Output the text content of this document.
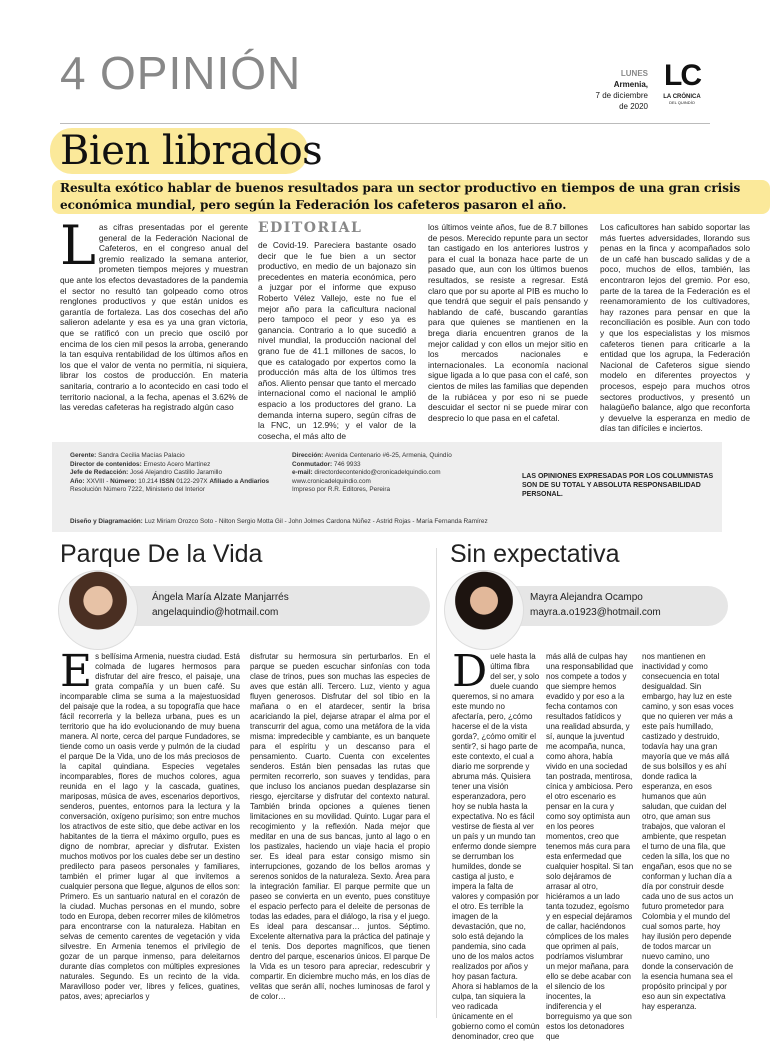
4 OPINIÓN	LUNES
Armenia,
7 de diciembre
de 2020
LC
LA CRÓNICA
DEL QUINDÍO
Bien librados
Resulta exótico hablar de buenos resultados para un sector productivo en tiempos de una gran crisis económica mundial, pero según la Federación los cafeteros pasaron el año.
Las cifras presentadas por el gerente general de la Federación Nacional de Cafeteros, en el congreso anual del gremio realizado la semana anterior, prometen tiempos mejores y muestran que ante los efectos devastadores de la pandemia el sector no resultó tan golpeado como otros renglones productivos y que están unidos es garantía de fortaleza. Las dos cosechas del año salieron adelante y esa es ya una gran victoria, que se ratificó con un precio que osciló por encima de los cien mil pesos la arroba, generando la tan esquiva rentabilidad de los últimos años en los que el valor de venta no permitía, ni siquiera, librar los costos de producción. En materia sanitaria, contrario a lo acontecido en casi todo el territorio nacional, a la fecha, apenas el 3.62% de las veredas cafeteras ha registrado algún caso
EDITORIAL
de Covid-19. Pareciera bastante osado decir que le fue bien a un sector productivo, en medio de un bajonazo sin precedentes en materia económica, pero a juzgar por el informe que expuso Roberto Vélez Vallejo, este no fue el mejor año para la caficultura nacional pero tampoco el peor y eso ya es ganancia. Contrario a lo que sucedió a nivel mundial, la producción nacional del grano fue de 41.1 millones de sacos, lo que es catalogado por expertos como la producción más alta de los últimos tres años. Aliento pensar que tanto el mercado internacional como el nacional le amplió espacio a los productores del grano. La demanda interna supero, según cifras de la FNC, un 12.9%; y el valor de la cosecha, el más alto de
los últimos veinte años, fue de 8.7 billones de pesos. Merecido repunte para un sector tan castigado en los anteriores lustros y para el cual la bonaza hace parte de un pasado que, aun con los últimos buenos resultados, se resiste a regresar. Está claro que por su aporte al PIB es mucho lo que tendrá que seguir el país pensando y hablando de café, buscando garantías para que quienes se mantienen en la brega diaria encuentren granos de la mejor calidad y con ellos un mejor sitio en los mercados nacionales e internacionales. La economía nacional sigue ligada a lo que pasa con el café, son cientos de miles las familias que dependen de la rubiácea y por eso ni se puede descuidar el sector ni se puede mirar con desprecio lo que pasa en el cafetal.
Los caficultores han sabido soportar las más fuertes adversidades, llorando sus penas en la finca y acompañados solo de un café han buscado salidas y de a poco, muchos de ellos, también, las encontraron lejos del gremio. Por eso, parte de la tarea de la Federación es el reenamoramiento de los cultivadores, hay razones para pensar en que la reconciliación es posible. Aun con todo y que los especialistas y los mismos cafeteros tienen para criticarle a la entidad que los agrupa, la Federación Nacional de Cafeteros sigue siendo modelo en diferentes proyectos y procesos, espejo para muchos otros sectores productivos, y presentó un halagüeño balance, algo que reconforta y devuelve la esperanza en medio de días tan difíciles e inciertos.
Gerente: Sandra Cecilia Macías Palacio
Director de contenidos: Ernesto Acero Martínez
Jefe de Redacción: José Alejandro Castillo Jaramillo
Año: XXVIII - Número: 10.214 ISSN 0122-297X Afiliado a Andiarios
Resolución Número 7222, Ministerio del Interior
Dirección: Avenida Centenario #6-25, Armenia, Quindío
Conmutador: 746 9933
e-mail: directordecontenido@cronicadelquindio.com
www.cronicadelquindio.com
Impreso por R.R. Editores, Pereira
LAS OPINIONES EXPRESADAS POR LOS COLUMNISTAS SON DE SU TOTAL Y ABSOLUTA RESPONSABILIDAD PERSONAL.
Diseño y Diagramación: Luz Miriam Orozco Soto - Nilton Sergio Motta Gil - John Jolmes Cardona Núñez - Astrid Rojas - María Fernanda Ramírez
Parque De la Vida
Ángela María Alzate Manjarrés
angelaquindio@hotmail.com
Es bellísima Armenia, nuestra ciudad. Está colmada de lugares hermosos para disfrutar del aire fresco, el paisaje, una grata compañía y un buen café. Su incomparable clima se suma a la majestuosidad del paisaje que la rodea, a su topografía que hace fácil recorrerla y la belleza urbana, pues es un territorio que ha ido evolucionando de muy buena manera. Al norte, cerca del parque Fundadores, se tiende como un oasis verde y pulmón de la ciudad el parque De la Vida, uno de los más preciosos de la capital quindiana. Especies vegetales incomparables, flores de muchos colores, agua reunida en el lago y la cascada, guatines, mariposas, música de aves, escenarios deportivos, senderos, puentes, entornos para la lectura y la conversación, oxígeno purísimo; son entre muchos los atractivos de este sitio, que debe activar en los habitantes de la tierra el máximo orgullo, pues es digno de nombrar, apreciar y disfrutar. Existen muchos motivos por los cuales debe ser un destino predilecto para paseos personales y familiares, también el primer lugar al que invitemos a cualquier persona que llegue, algunos de ellos son: Primero. Es un santuario natural en el corazón de la ciudad. Muchas personas en el mundo, sobre todo en Europa, deben recorrer miles de kilómetros para encontrarse con la naturaleza. Habitan en selvas de cemento carentes de vegetación y vida silvestre. En Armenia tenemos el privilegio de gozar de un parque inmenso, para deleitarnos durante días completos con múltiples expresiones naturales. Segundo. Es un recinto de la vida. Maravilloso poder ver, libres y felices, guatines, patos, aves; apreciarlos y
disfrutar su hermosura sin perturbarlos. En el parque se pueden escuchar sinfonías con toda clase de trinos, pues son muchas las especies de aves que están allí. Tercero. Luz, viento y agua fluyen generosos. Disfrutar del sol tibio en la mañana o en el atardecer, sentir la brisa acariciando la piel, dejarse atrapar el alma por el transcurrir del agua, como una metáfora de la vida misma: impredecible y cambiante, es un banquete para el espíritu y un descanso para el pensamiento. Cuarto. Cuenta con excelentes senderos. Están bien pensadas las rutas que permiten recorrerlo, son suaves y tendidas, para que incluso los ancianos puedan desplazarse sin riesgo, ejercitarse y disfrutar del contexto natural. También brinda opciones a quienes tienen limitaciones en su movilidad. Quinto. Lugar para el recogimiento y la reflexión. Nada mejor que meditar en una de sus bancas, junto al lago o en los pastizales, haciendo un viaje hacia el propio ser. Es ideal para estar consigo mismo sin interrupciones, gozando de los bellos aromas y serenos sonidos de la naturaleza. Sexto. Área para la integración familiar. El parque permite que un paseo se convierta en un evento, pues constituye el espacio perfecto para el deleite de personas de todas las edades, para el diálogo, la risa y el juego. Es ideal para descansar… juntos. Séptimo. Excelente alternativa para la práctica del patinaje y el tenis. Dos deportes magníficos, que tienen dentro del parque, escenarios únicos. El parque De la Vida es un tesoro para apreciar, redescubrir y compartir. En diciembre mucho más, en los días de velitas que serán allí, noches luminosas de farol y de color…
Sin expectativa
Mayra Alejandra Ocampo
mayra.a.o1923@hotmail.com
Duele hasta la última fibra del ser, y solo duele cuando queremos, si no amara este mundo no afectaría, pero, ¿cómo hacerse el de la vista gorda?, ¿cómo omitir el sentir?, si hago parte de este contexto, el cual a diario me sorprende y abruma más. Quisiera tener una visión esperanzadora, pero hoy se nubla hasta la expectativa. No es fácil vestirse de fiesta al ver un país y un mundo tan enfermo donde siempre se derrumban los humildes, donde se castiga al justo, e impera la falta de valores y compasión por el otro. Es terrible la imagen de la devastación, que no, solo está dejando la pandemia, sino cada uno de los malos actos realizados por años y hoy pasan factura. Ahora si hablamos de la culpa, tan siquiera la veo radicada únicamente en el gobierno como el común denominador, creo que
más allá de culpas hay una responsabilidad que nos compete a todos y que siempre hemos evadido y por eso a la fecha contamos con resultados fatídicos y una realidad absurda, y sí, aunque la juventud me acompaña, nunca, como ahora, había vivido en una sociedad tan postrada, mentirosa, cínica y ambiciosa. Pero el otro escenario es pensar en la cura y como soy optimista aun en los peores momentos, creo que tenemos más cura para esta enfermedad que cualquier hospital. Si tan solo dejáramos de arrasar al otro, hiciéramos a un lado tanta tozudez, egoísmo y en especial dejáramos de callar, haciéndonos cómplices de los males que oprimen al país, podríamos vislumbrar un mejor mañana, para ello se debe acabar con el silencio de los inocentes, la indiferencia y el borreguismo ya que son estos los detonadores que
nos mantienen en inactividad y como consecuencia en total desigualdad. Sin embargo, hay luz en este camino, y son esas voces que no quieren ver más a este país humillado, castizado y destruido, todavía hay una gran mayoría que ve más allá de sus bolsillos y es ahí donde radica la esperanza, en esos humanos que aún saludan, que cuidan del otro, que aman sus trabajos, que valoran el ambiente, que respetan el turno de una fila, que ceden la silla, los que no engañan, esos que no se conforman y luchan día a día por construir desde cada uno de sus actos un futuro prometedor para Colombia y el mundo del cual somos parte, hoy hay ilusión pero depende de todos marcar un nuevo camino, uno donde la conservación de la esencia humana sea el propósito principal y por eso aun sin expectativa hay esperanza.
